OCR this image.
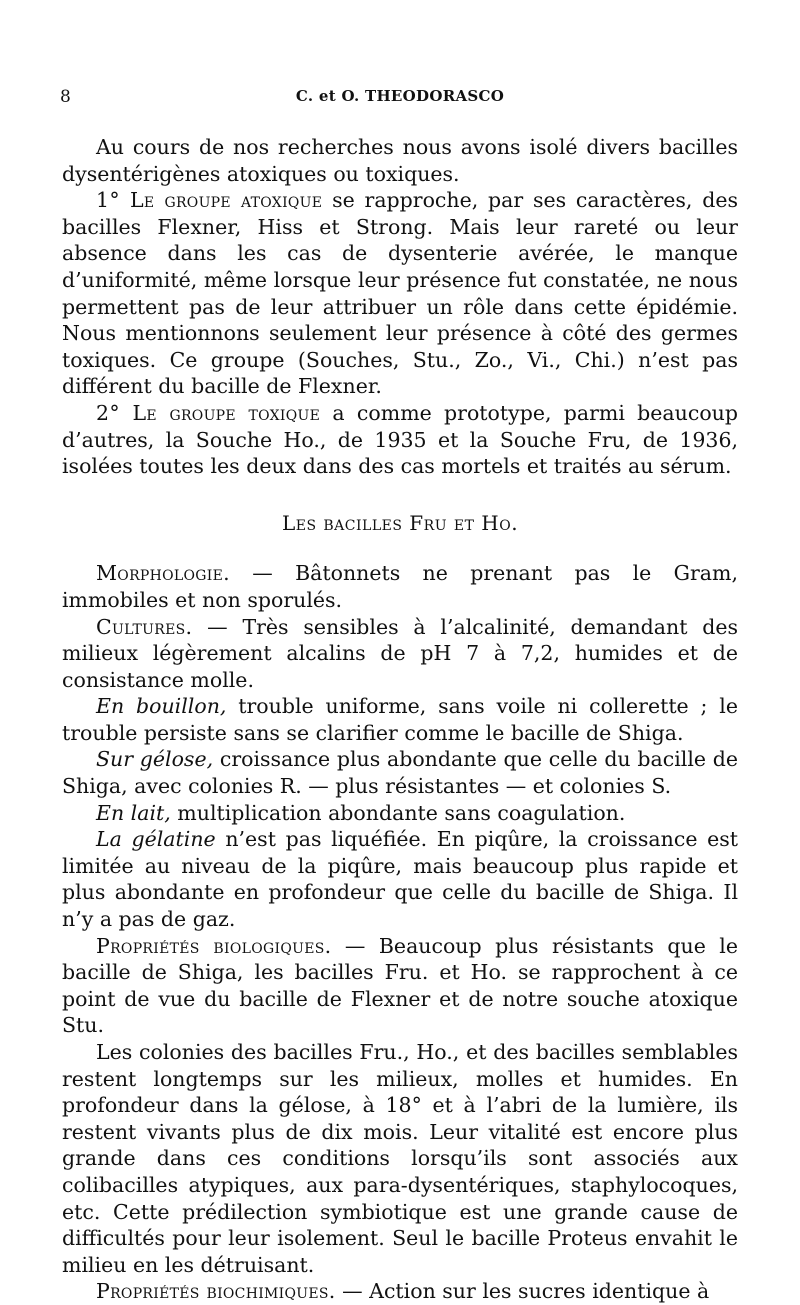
8	C. et O. THEODORASCO

Au cours de nos recherches nous avons isolé divers bacilles dysentérigènes atoxiques ou toxiques.

1° Le groupe atoxique se rapproche, par ses caractères, des bacilles Flexner, Hiss et Strong. Mais leur rareté ou leur absence dans les cas de dysenterie avérée, le manque d’uniformité, même lorsque leur présence fut constatée, ne nous permettent pas de leur attribuer un rôle dans cette épidémie. Nous mentionnons seulement leur présence à côté des germes toxiques. Ce groupe (Souches, Stu., Zo., Vi., Chi.) n’est pas différent du bacille de Flexner.

2° Le groupe toxique a comme prototype, parmi beaucoup d’autres, la Souche Ho., de 1935 et la Souche Fru, de 1936, isolées toutes les deux dans des cas mortels et traités au sérum.

Les bacilles Fru et Ho.

Morphologie. — Bâtonnets ne prenant pas le Gram, immobiles et non sporulés.

Cultures. — Très sensibles à l’alcalinité, demandant des milieux légèrement alcalins de pH 7 à 7,2, humides et de consistance molle.

En bouillon, trouble uniforme, sans voile ni collerette ; le trouble persiste sans se clarifier comme le bacille de Shiga.

Sur gélose, croissance plus abondante que celle du bacille de Shiga, avec colonies R. — plus résistantes — et colonies S.

En lait, multiplication abondante sans coagulation.

La gélatine n’est pas liquéfiée. En piqûre, la croissance est limitée au niveau de la piqûre, mais beaucoup plus rapide et plus abondante en profondeur que celle du bacille de Shiga. Il n’y a pas de gaz.

Propriétés biologiques. — Beaucoup plus résistants que le bacille de Shiga, les bacilles Fru. et Ho. se rapprochent à ce point de vue du bacille de Flexner et de notre souche atoxique Stu.

Les colonies des bacilles Fru., Ho., et des bacilles semblables restent longtemps sur les milieux, molles et humides. En profondeur dans la gélose, à 18° et à l’abri de la lumière, ils restent vivants plus de dix mois. Leur vitalité est encore plus grande dans ces conditions lorsqu’ils sont associés aux colibacilles atypiques, aux para-dysentériques, staphylocoques, etc. Cette prédilection symbiotique est une grande cause de difficultés pour leur isolement. Seul le bacille Proteus envahit le milieu en les détruisant.

Propriétés biochimiques. — Action sur les sucres identique à
